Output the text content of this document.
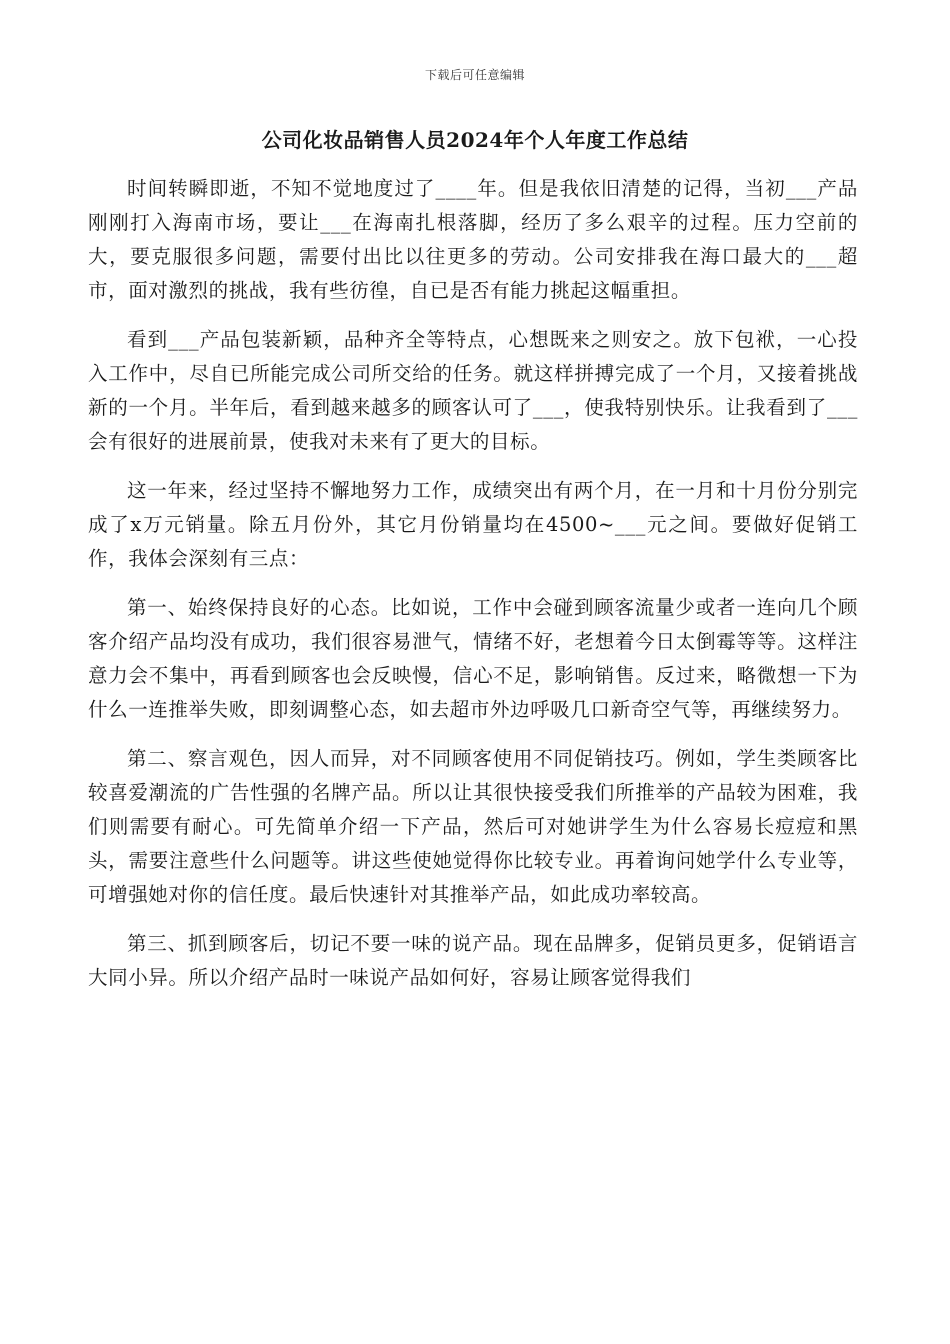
下载后可任意编辑
公司化妆品销售人员2024年个人年度工作总结

时间转瞬即逝，不知不觉地度过了____年。但是我依旧清楚的记得，当初___产品刚刚打入海南市场，要让___在海南扎根落脚，经历了多么艰辛的过程。压力空前的大，要克服很多问题，需要付出比以往更多的劳动。公司安排我在海口最大的___超市，面对激烈的挑战，我有些彷徨，自已是否有能力挑起这幅重担。

看到___产品包装新颖，品种齐全等特点，心想既来之则安之。放下包袱，一心投入工作中，尽自已所能完成公司所交给的任务。就这样拼搏完成了一个月，又接着挑战新的一个月。半年后，看到越来越多的顾客认可了___，使我特别快乐。让我看到了___会有很好的进展前景，使我对未来有了更大的目标。

这一年来，经过坚持不懈地努力工作，成绩突出有两个月，在一月和十月份分别完成了x万元销量。除五月份外，其它月份销量均在4500~___元之间。要做好促销工作，我体会深刻有三点：

第一、始终保持良好的心态。比如说，工作中会碰到顾客流量少或者一连向几个顾客介绍产品均没有成功，我们很容易泄气，情绪不好，老想着今日太倒霉等等。这样注意力会不集中，再看到顾客也会反映慢，信心不足，影响销售。反过来，略微想一下为什么一连推举失败，即刻调整心态，如去超市外边呼吸几口新奇空气等，再继续努力。

第二、察言观色，因人而异，对不同顾客使用不同促销技巧。例如，学生类顾客比较喜爱潮流的广告性强的名牌产品。所以让其很快接受我们所推举的产品较为困难，我们则需要有耐心。可先简单介绍一下产品，然后可对她讲学生为什么容易长痘痘和黑头，需要注意些什么问题等。讲这些使她觉得你比较专业。再着询问她学什么专业等，可增强她对你的信任度。最后快速针对其推举产品，如此成功率较高。

第三、抓到顾客后，切记不要一味的说产品。现在品牌多，促销员更多，促销语言大同小异。所以介绍产品时一味说产品如何好，容易让顾客觉得我们
